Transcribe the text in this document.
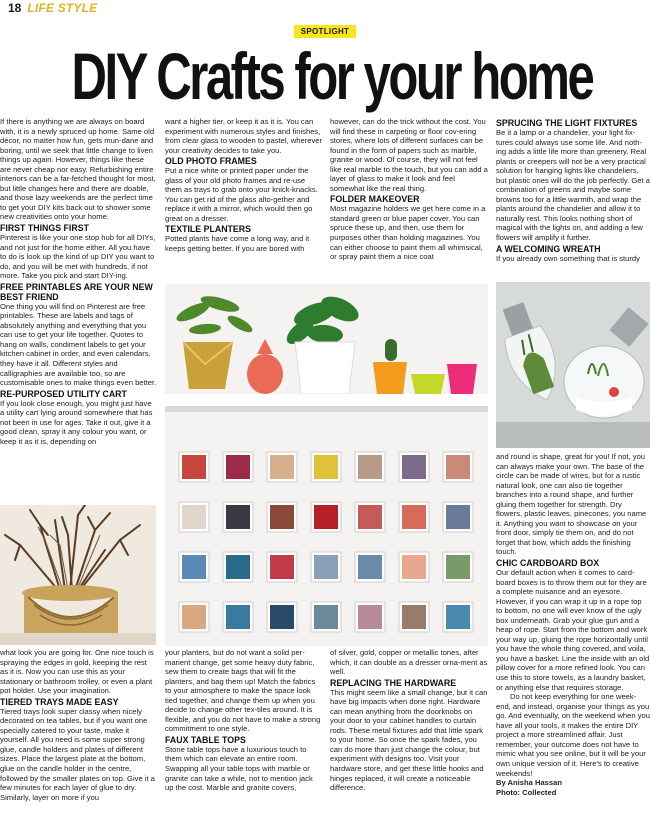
18 LIFE STYLE
SPOTLIGHT
DIY Crafts for your home

If there is anything we are always on board with, it is a newly spruced up home. Same old décor, no matter how fun, gets mun-dane and boring, until we seek that little change to liven things up again. However, things like these are never cheap nor easy. Refurbishing entire interiors can be a far-fetched thought for most, but little changes here and there are doable, and those lazy weekends are the perfect time to get your DIY kits back out to shower some new creativities onto your home.

FIRST THINGS FIRST

Pinterest is like your one stop hub for all DIYs, and not just for the home either. All you have to do is look up the kind of up DIY you want to do, and you will be met with hundreds, if not more. Take you pick and start DIY-ing.

FREE PRINTABLES ARE YOUR NEW BEST FRIEND

One thing you will find on Pinterest are free printables. These are labels and tags of absolutely anything and everything that you can use to get your life together. Quotes to hang on walls, condiment labels to get your kitchen cabinet in order, and even calendars, they have it all. Different styles and calligraphies are available too, so are customisable ones to make things even better.

RE-PURPOSED UTILITY CART

If you look close enough, you might just have a utility cart lying around somewhere that has not been in use for ages. Take it out, give it a good clean, spray it any colour you want, or keep it as it is, depending on

want a higher tier, or keep it as it is. You can experiment with numerous styles and finishes, from clear glass to wooden to pastel, wherever your creativity decides to take you.

OLD PHOTO FRAMES

Put a nice white or printed paper under the glass of your old photo frames and re-use them as trays to grab onto your knick-knacks. You can get rid of the glass alto-gether and replace it with a mirror, which would then go great on a dresser.

TEXTILE PLANTERS

Potted plants have come a long way, and it keeps getting better. If you are bored with

however, can do the trick without the cost. You will find these in carpeting or floor cov-ering stores, where lots of different surfaces can be found in the form of papers such as marble, granite or wood. Of course, they will not feel like real marble to the touch, but you can add a layer of glass to make it look and feel somewhat like the real thing.

FOLDER MAKEOVER

Most magazine holders we get here come in a standard green or blue paper cover. You can spruce these up, and then, use them for purposes other than holding magazines. You can either choose to paint them all whimsical, or spray paint them a nice coat

SPRUCING THE LIGHT FIXTURES

Be it a lamp or a chandelier, your light fix-tures could always use some life. And noth-ing adds a little life more than greenery. Real plants or creepers will not be a very practical solution for hanging lights like chandeliers, but plastic ones will do the job perfectly. Get a combination of greens and maybe some browns too for a little warmth, and wrap the plants around the chandelier and allow it to naturally rest. This looks nothing short of magical with the lights on, and adding a few flowers will amplify it further.

A WELCOMING WREATH

If you already own something that is sturdy

and round is shape, great for you! If not, you can always make your own. The base of the circle can be made of wires, but for a rustic natural look, one can also tie together branches into a round shape, and further gluing them together for strength. Dry flowers, plastic leaves, pinecones, you name it. Anything you want to showcase on your front door, simply tie them on, and do not forget that bow, which adds the finishing touch.

CHIC CARDBOARD BOX

Our default action when it comes to card-board boxes is to throw them out for they are a complete nuisance and an eyesore. However, if you can wrap it up in a rope top to bottom, no one will ever know of the ugly box underneath. Grab your glue gun and a heap of rope. Start from the bottom and work your way up, gluing the rope horizontally until you have the whole thing covered, and voila, you have a basket. Line the inside with an old pillow cover for a more refined look. You can use this to store towels, as a laundry basket, or anything else that requires storage.

Do not keep everything for one week-end, and instead, organise your things as you go. And eventually, on the weekend when you have all your tools, it makes the entire DIY project a more streamlined affair. Just remember, your outcome does not have to mimic what you see online, but it will be your own unique version of it. Here's to creative weekends!

By Anisha Hassan

Photo: Collected

what look you are going for. One nice touch is spraying the edges in gold, keeping the rest as it is. Now you can use this as your stationary or bathroom trolley, or even a plant pot holder. Use your imagination.

TIERED TRAYS MADE EASY

Tiered trays look super classy when nicely decorated on tea tables, but if you want one specially catered to your taste, make it yourself. All you need is some super strong glue, candle holders and plates of different sizes. Place the largest plate at the bottom, glue on the candle holder in the centre, followed by the smaller plates on top. Give it a few minutes for each layer of glue to dry. Similarly, layer on more if you

your planters, but do not want a solid per-manent change, get some heavy duty fabric, sew them to create bags that will fit the planters, and bag them up! Match the fabrics to your atmosphere to make the space look tied together, and change them up when you decide to change other tex-tiles around. It is flexible, and you do not have to make a strong commitment to one style.

FAUX TABLE TOPS

Stone table tops have a luxurious touch to them which can elevate an entire room. Swapping all your table tops with marble or granite can take a while, not to mention jack up the cost. Marble and granite covers,

of silver, gold, copper or metallic tones, after which, it can double as a dresser orna-ment as well.

REPLACING THE HARDWARE

This might seem like a small change, but it can have big impacts when done right. Hardware can mean anything from the doorknobs on your door to your cabinet handles to curtain rods. These metal fixtures add that little spark to your home. So once the spark fades, you can do more than just change the colour, but experiment with designs too. Visit your hardware store, and get these little hooks and hinges replaced, it will create a noticeable difference.
